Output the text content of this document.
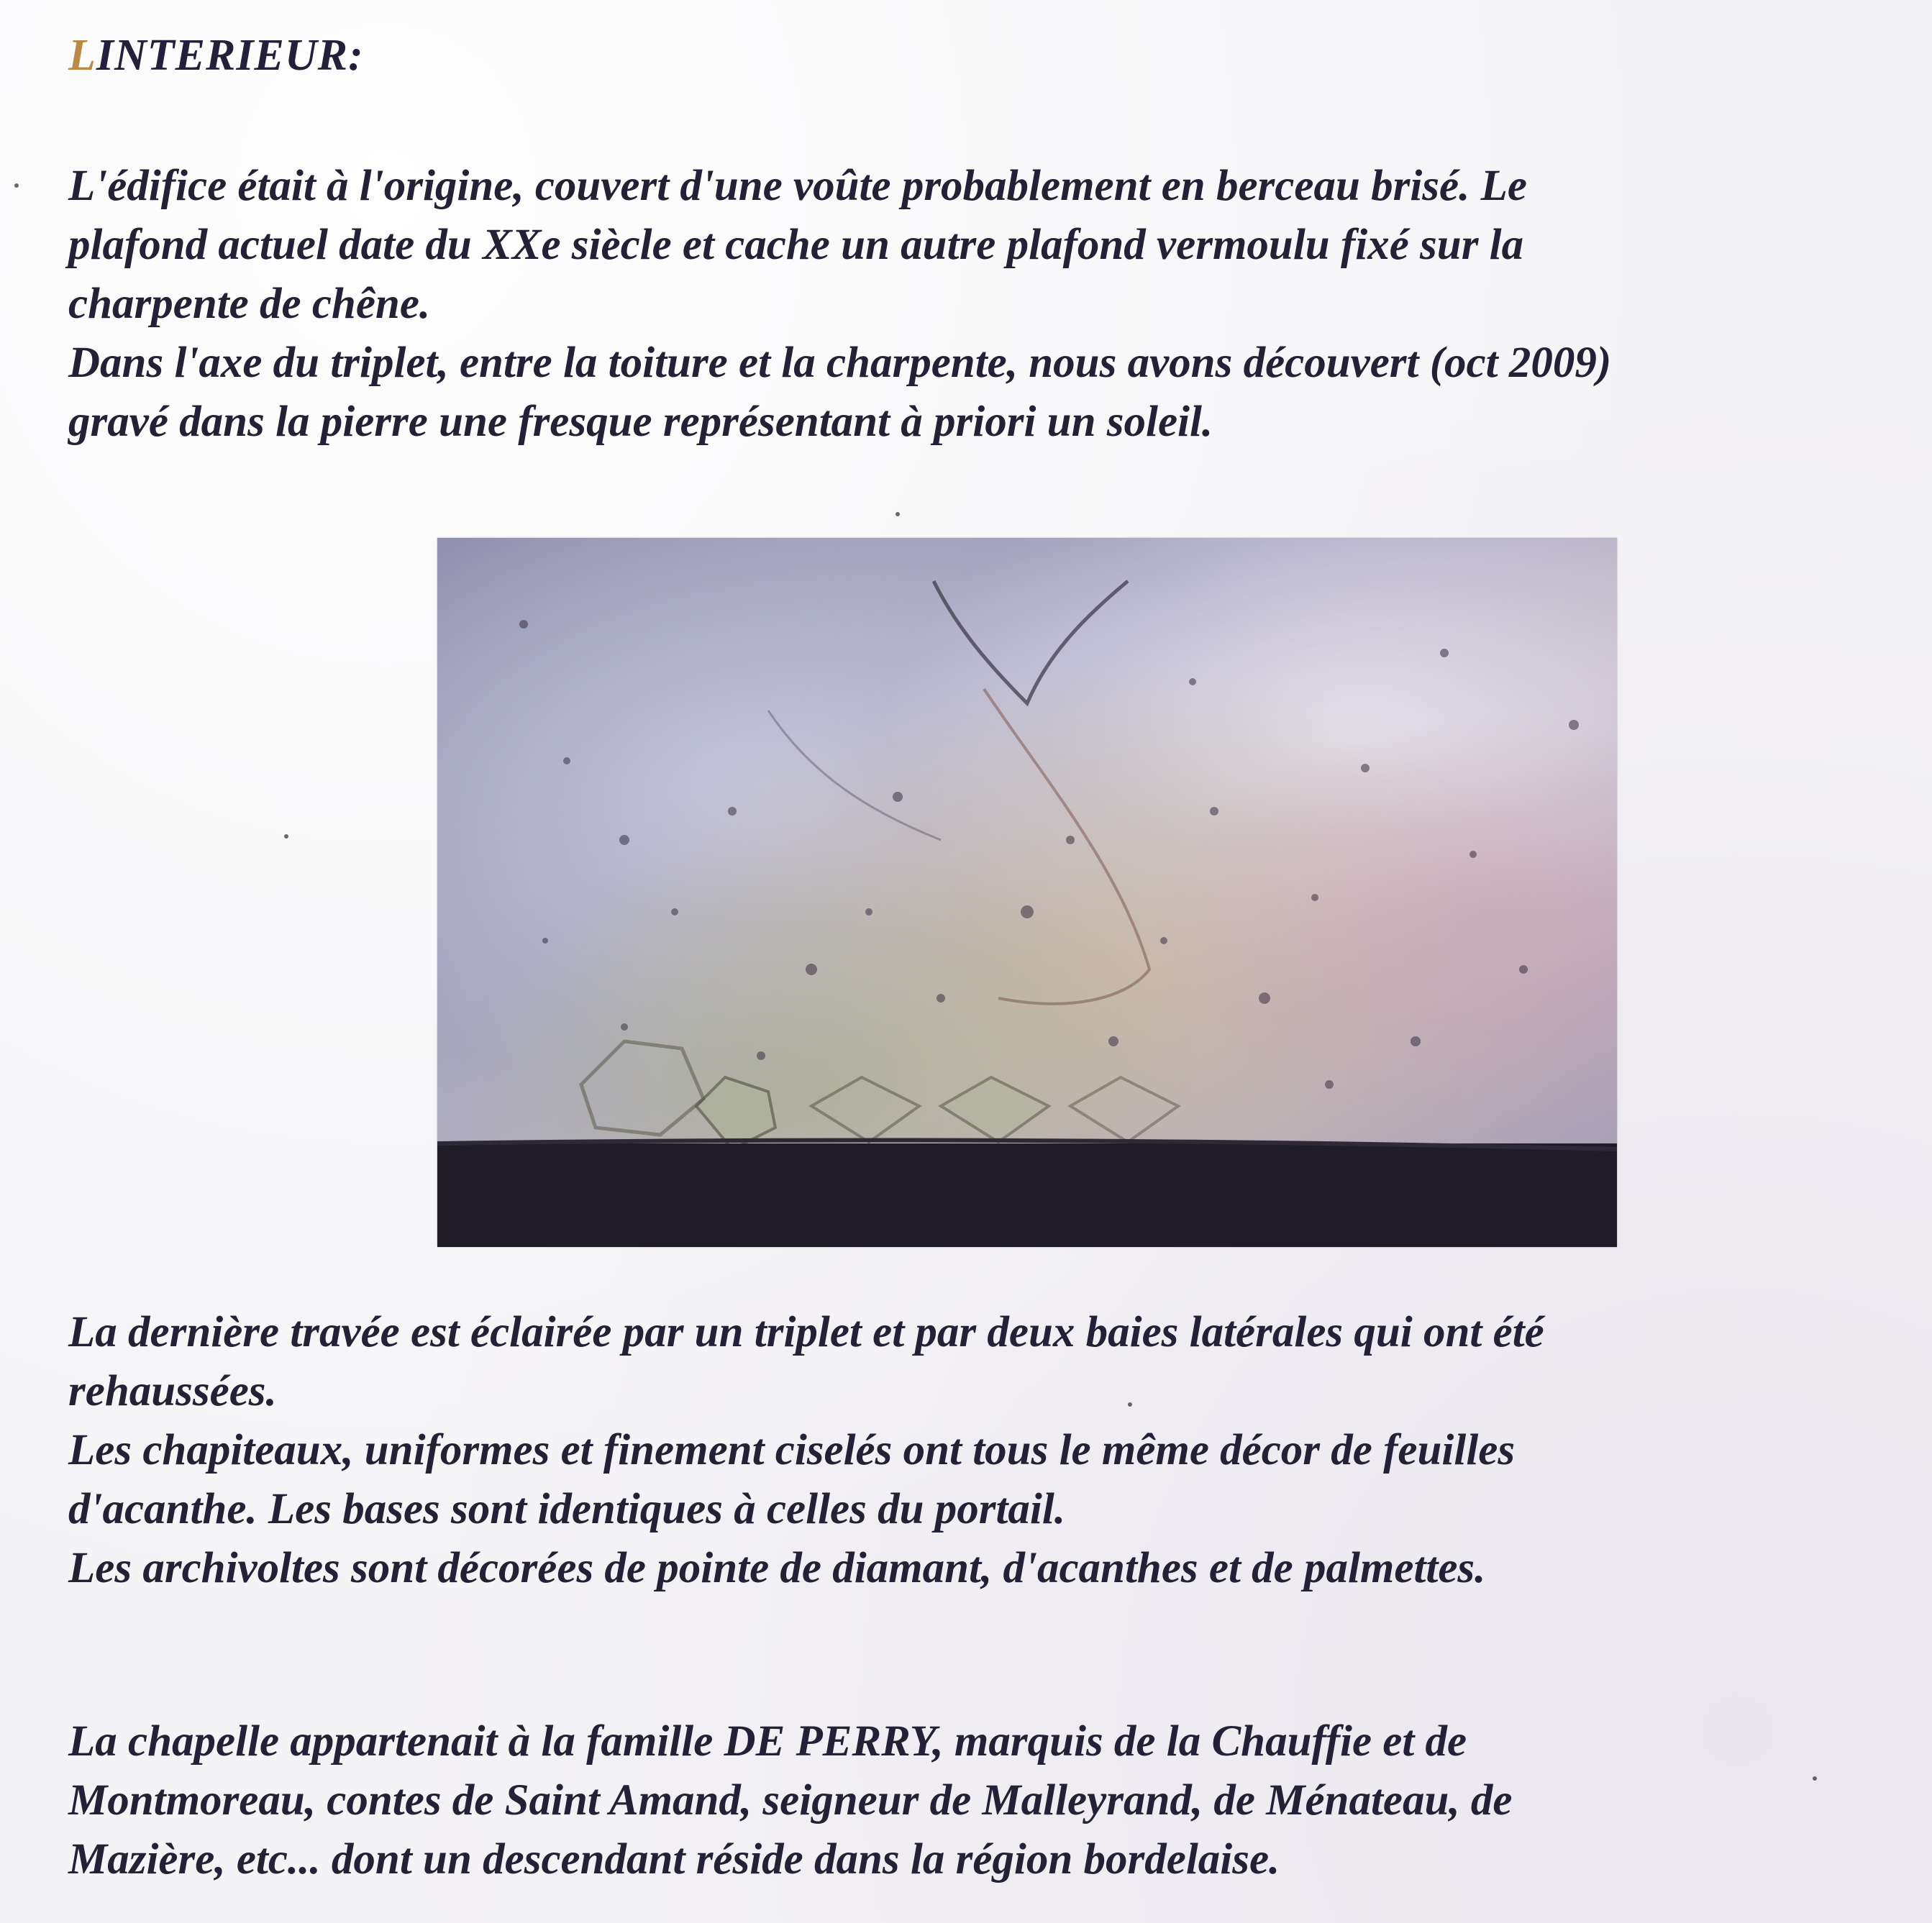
LINTERIEUR:

L'édifice était à l'origine, couvert d'une voûte probablement en berceau brisé. Le
plafond actuel date du XXe siècle et cache un autre plafond vermoulu fixé sur la
charpente de chêne.
Dans l'axe du triplet, entre la toiture et la charpente, nous avons découvert (oct 2009)
gravé dans la pierre une fresque représentant à priori un soleil.

La dernière travée est éclairée par un triplet et par deux baies latérales qui ont été
rehaussées.
Les chapiteaux, uniformes et finement ciselés ont tous le même décor de feuilles
d'acanthe. Les bases sont identiques à celles du portail.
Les archivoltes sont décorées de pointe de diamant, d'acanthes et de palmettes.

La chapelle appartenait à la famille DE PERRY, marquis de la Chauffie et de
Montmoreau, contes de Saint Amand, seigneur de Malleyrand, de Ménateau, de
Mazière, etc... dont un descendant réside dans la région bordelaise.
